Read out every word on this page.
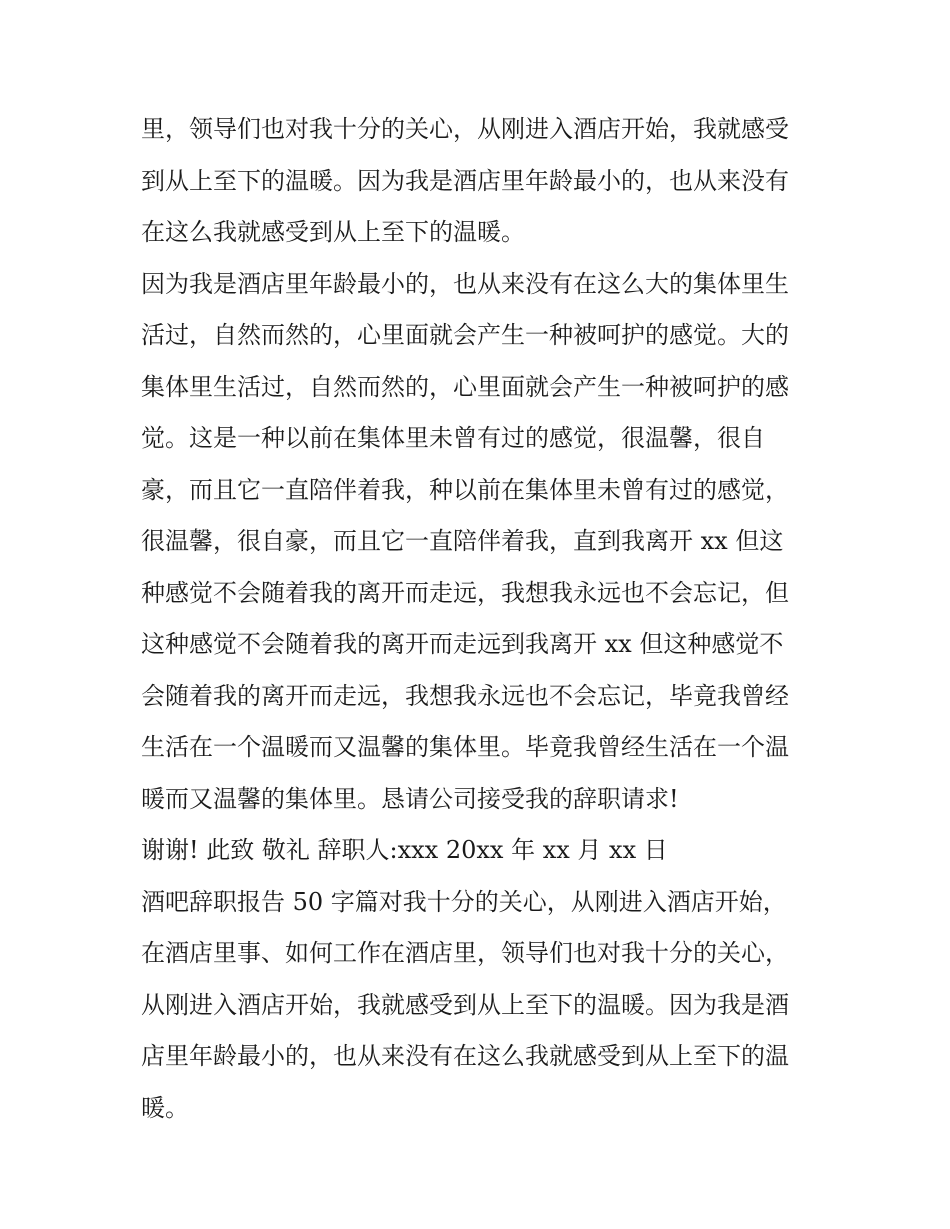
里，领导们也对我十分的关心，从刚进入酒店开始，我就感受
到从上至下的温暖。因为我是酒店里年龄最小的，也从来没有
在这么我就感受到从上至下的温暖。
因为我是酒店里年龄最小的，也从来没有在这么大的集体里生
活过，自然而然的，心里面就会产生一种被呵护的感觉。大的
集体里生活过，自然而然的，心里面就会产生一种被呵护的感
觉。这是一种以前在集体里未曾有过的感觉，很温馨，很自
豪，而且它一直陪伴着我，种以前在集体里未曾有过的感觉，
很温馨，很自豪，而且它一直陪伴着我，直到我离开 xx 但这
种感觉不会随着我的离开而走远，我想我永远也不会忘记，但
这种感觉不会随着我的离开而走远到我离开 xx 但这种感觉不
会随着我的离开而走远，我想我永远也不会忘记，毕竟我曾经
生活在一个温暖而又温馨的集体里。毕竟我曾经生活在一个温
暖而又温馨的集体里。恳请公司接受我的辞职请求!
谢谢! 此致 敬礼 辞职人:xxx 20xx 年 xx 月 xx 日
酒吧辞职报告 50 字篇对我十分的关心，从刚进入酒店开始，
在酒店里事、如何工作在酒店里，领导们也对我十分的关心，
从刚进入酒店开始，我就感受到从上至下的温暖。因为我是酒
店里年龄最小的，也从来没有在这么我就感受到从上至下的温
暖。
